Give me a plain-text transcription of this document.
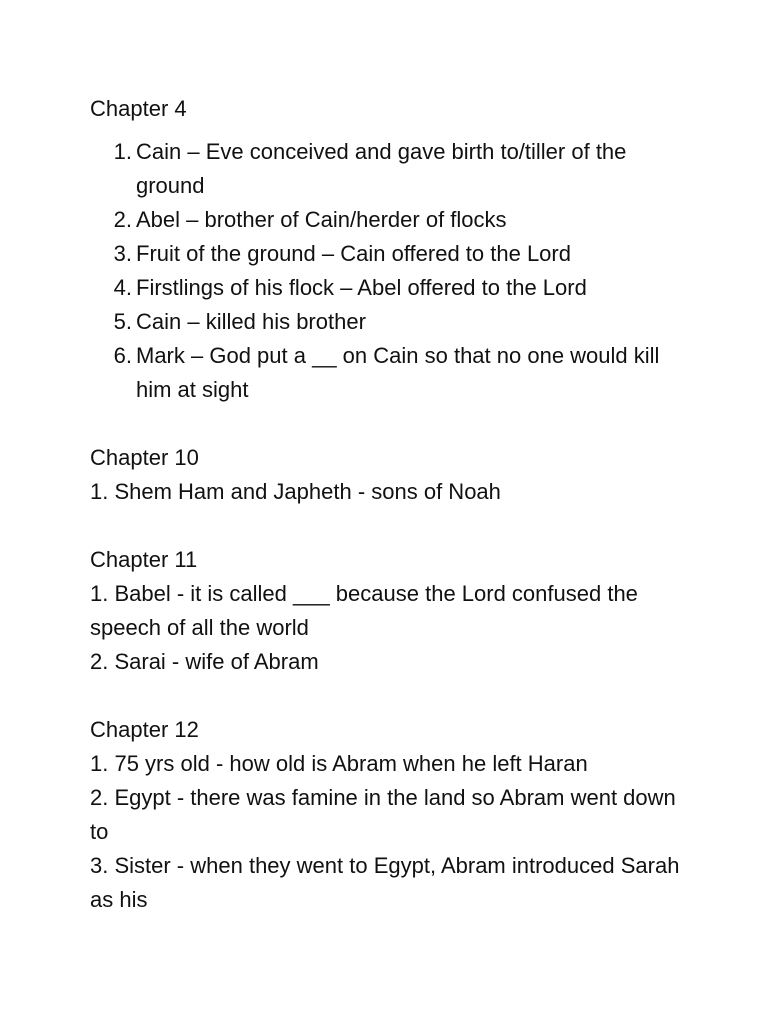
Chapter 4
1. Cain – Eve conceived and gave birth to/tiller of the ground
2. Abel – brother of Cain/herder of flocks
3. Fruit of the ground – Cain offered to the Lord
4. Firstlings of his flock – Abel offered to the Lord
5. Cain – killed his brother
6. Mark – God put a __ on Cain so that no one would kill him at sight
Chapter 10
1. Shem Ham and Japheth - sons of Noah
Chapter 11
1. Babel - it is called ___ because the Lord confused the speech of all the world
2. Sarai - wife of Abram
Chapter 12
1. 75 yrs old - how old is Abram when he left Haran
2. Egypt - there was famine in the land so Abram went down to
3. Sister - when they went to Egypt, Abram introduced Sarah as his
